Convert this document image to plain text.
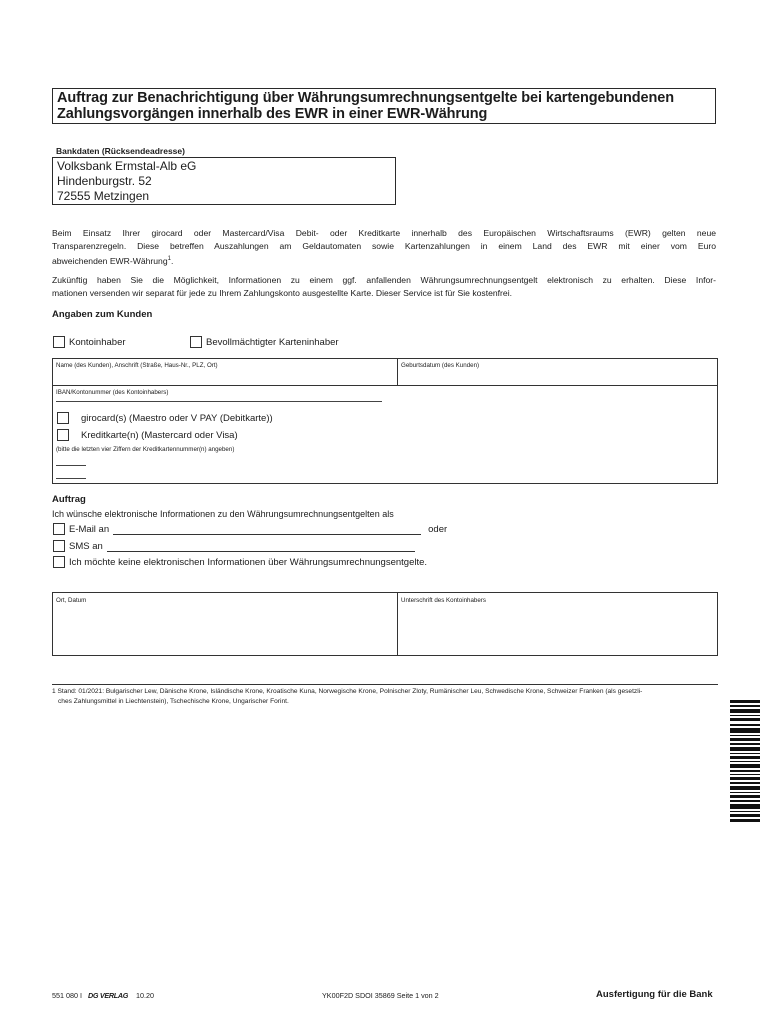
Auftrag zur Benachrichtigung über Währungsumrechnungsentgelte bei kartengebundenen
Zahlungsvorgängen innerhalb des EWR in einer EWR-Währung
Bankdaten (Rücksendeadresse)
Volksbank Ermstal-Alb eG
Hindenburgstr. 52
72555 Metzingen
Beim Einsatz Ihrer girocard oder Mastercard/Visa Debit- oder Kreditkarte innerhalb des Europäischen Wirtschaftsraums (EWR) gelten neue
Transparenzregeln. Diese betreffen Auszahlungen am Geldautomaten sowie Kartenzahlungen in einem Land des EWR mit einer vom Euro
abweichenden EWR-Währung$^1$.
Zukünftig haben Sie die Möglichkeit, Informationen zu einem ggf. anfallenden Währungsumrechnungsentgelt elektronisch zu erhalten. Diese Infor-
mationen versenden wir separat für jede zu Ihrem Zahlungskonto ausgestellte Karte. Dieser Service ist für Sie kostenfrei.
Angaben zum Kunden
Kontoinhaber	Bevollmächtigter Karteninhaber
Name (des Kunden), Anschrift (Straße, Haus-Nr., PLZ, Ort)	Geburtsdatum (des Kunden)
IBAN/Kontonummer (des Kontoinhabers)
girocard(s) (Maestro oder V PAY (Debitkarte))
Kreditkarte(n) (Mastercard oder Visa)
(bitte die letzten vier Ziffern der Kreditkartennummer(n) angeben)
Auftrag
Ich wünsche elektronische Informationen zu den Währungsumrechnungsentgelten als
E-Mail an	oder
SMS an
Ich möchte keine elektronischen Informationen über Währungsumrechnungsentgelte.
Ort, Datum	Unterschrift des Kontoinhabers
1 Stand: 01/2021: Bulgarischer Lew, Dänische Krone, Isländische Krone, Kroatische Kuna, Norwegische Krone, Polnischer Zloty, Rumänischer Leu, Schwedische Krone, Schweizer Franken (als gesetzli-
ches Zahlungsmittel in Liechtenstein), Tschechische Krone, Ungarischer Forint.
551 080 I DG VERLAG 10.20	YK00F2D SDOI 35869 Seite 1 von 2	Ausfertigung für die Bank
